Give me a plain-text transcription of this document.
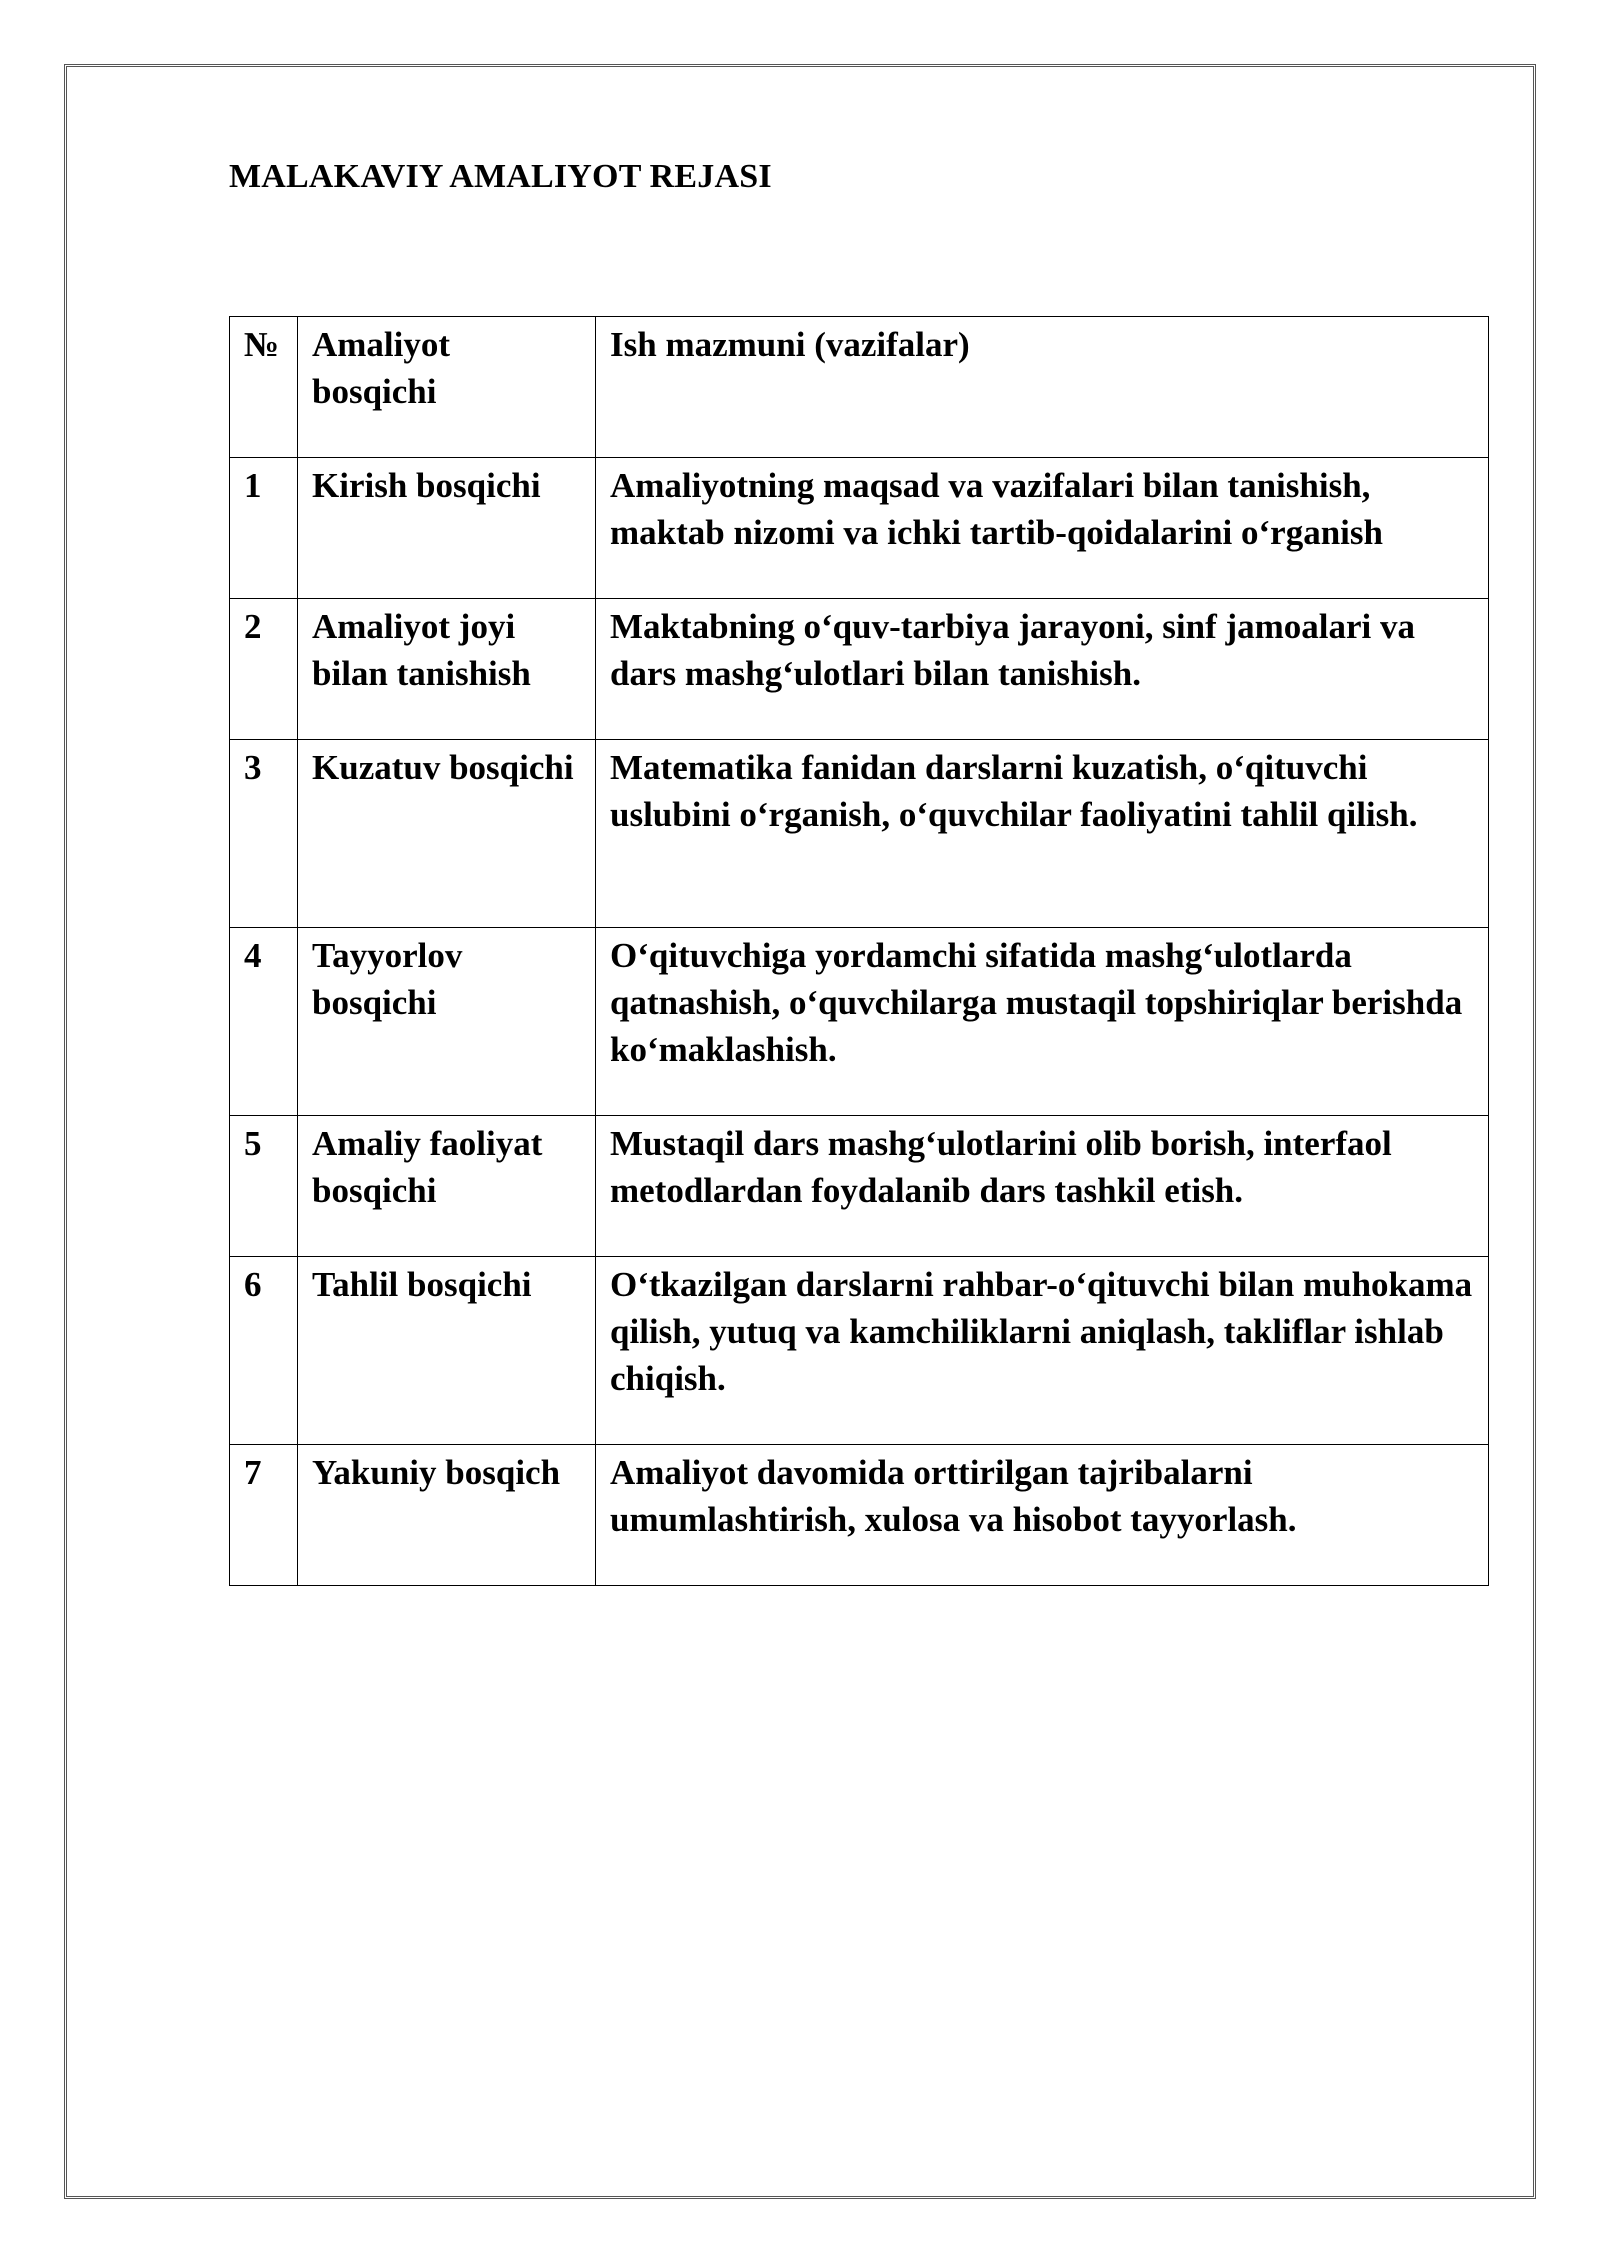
MALAKAVIY AMALIYOT REJASI
№	Amaliyot bosqichi	Ish mazmuni (vazifalar)
1	Kirish bosqichi	Amaliyotning maqsad va vazifalari bilan tanishish, maktab nizomi va ichki tartib-qoidalarini o‘rganish
2	Amaliyot joyi bilan tanishish	Maktabning o‘quv-tarbiya jarayoni, sinf jamoalari va dars mashg‘ulotlari bilan tanishish.
3	Kuzatuv bosqichi	Matematika fanidan darslarni kuzatish, o‘qituvchi uslubini o‘rganish, o‘quvchilar faoliyatini tahlil qilish.
4	Tayyorlov bosqichi	O‘qituvchiga yordamchi sifatida mashg‘ulotlarda qatnashish, o‘quvchilarga mustaqil topshiriqlar berishda ko‘maklashish.
5	Amaliy faoliyat bosqichi	Mustaqil dars mashg‘ulotlarini olib borish, interfaol metodlardan foydalanib dars tashkil etish.
6	Tahlil bosqichi	O‘tkazilgan darslarni rahbar-o‘qituvchi bilan muhokama qilish, yutuq va kamchiliklarni aniqlash, takliflar ishlab chiqish.
7	Yakuniy bosqich	Amaliyot davomida orttirilgan tajribalarni umumlashtirish, xulosa va hisobot tayyorlash.
